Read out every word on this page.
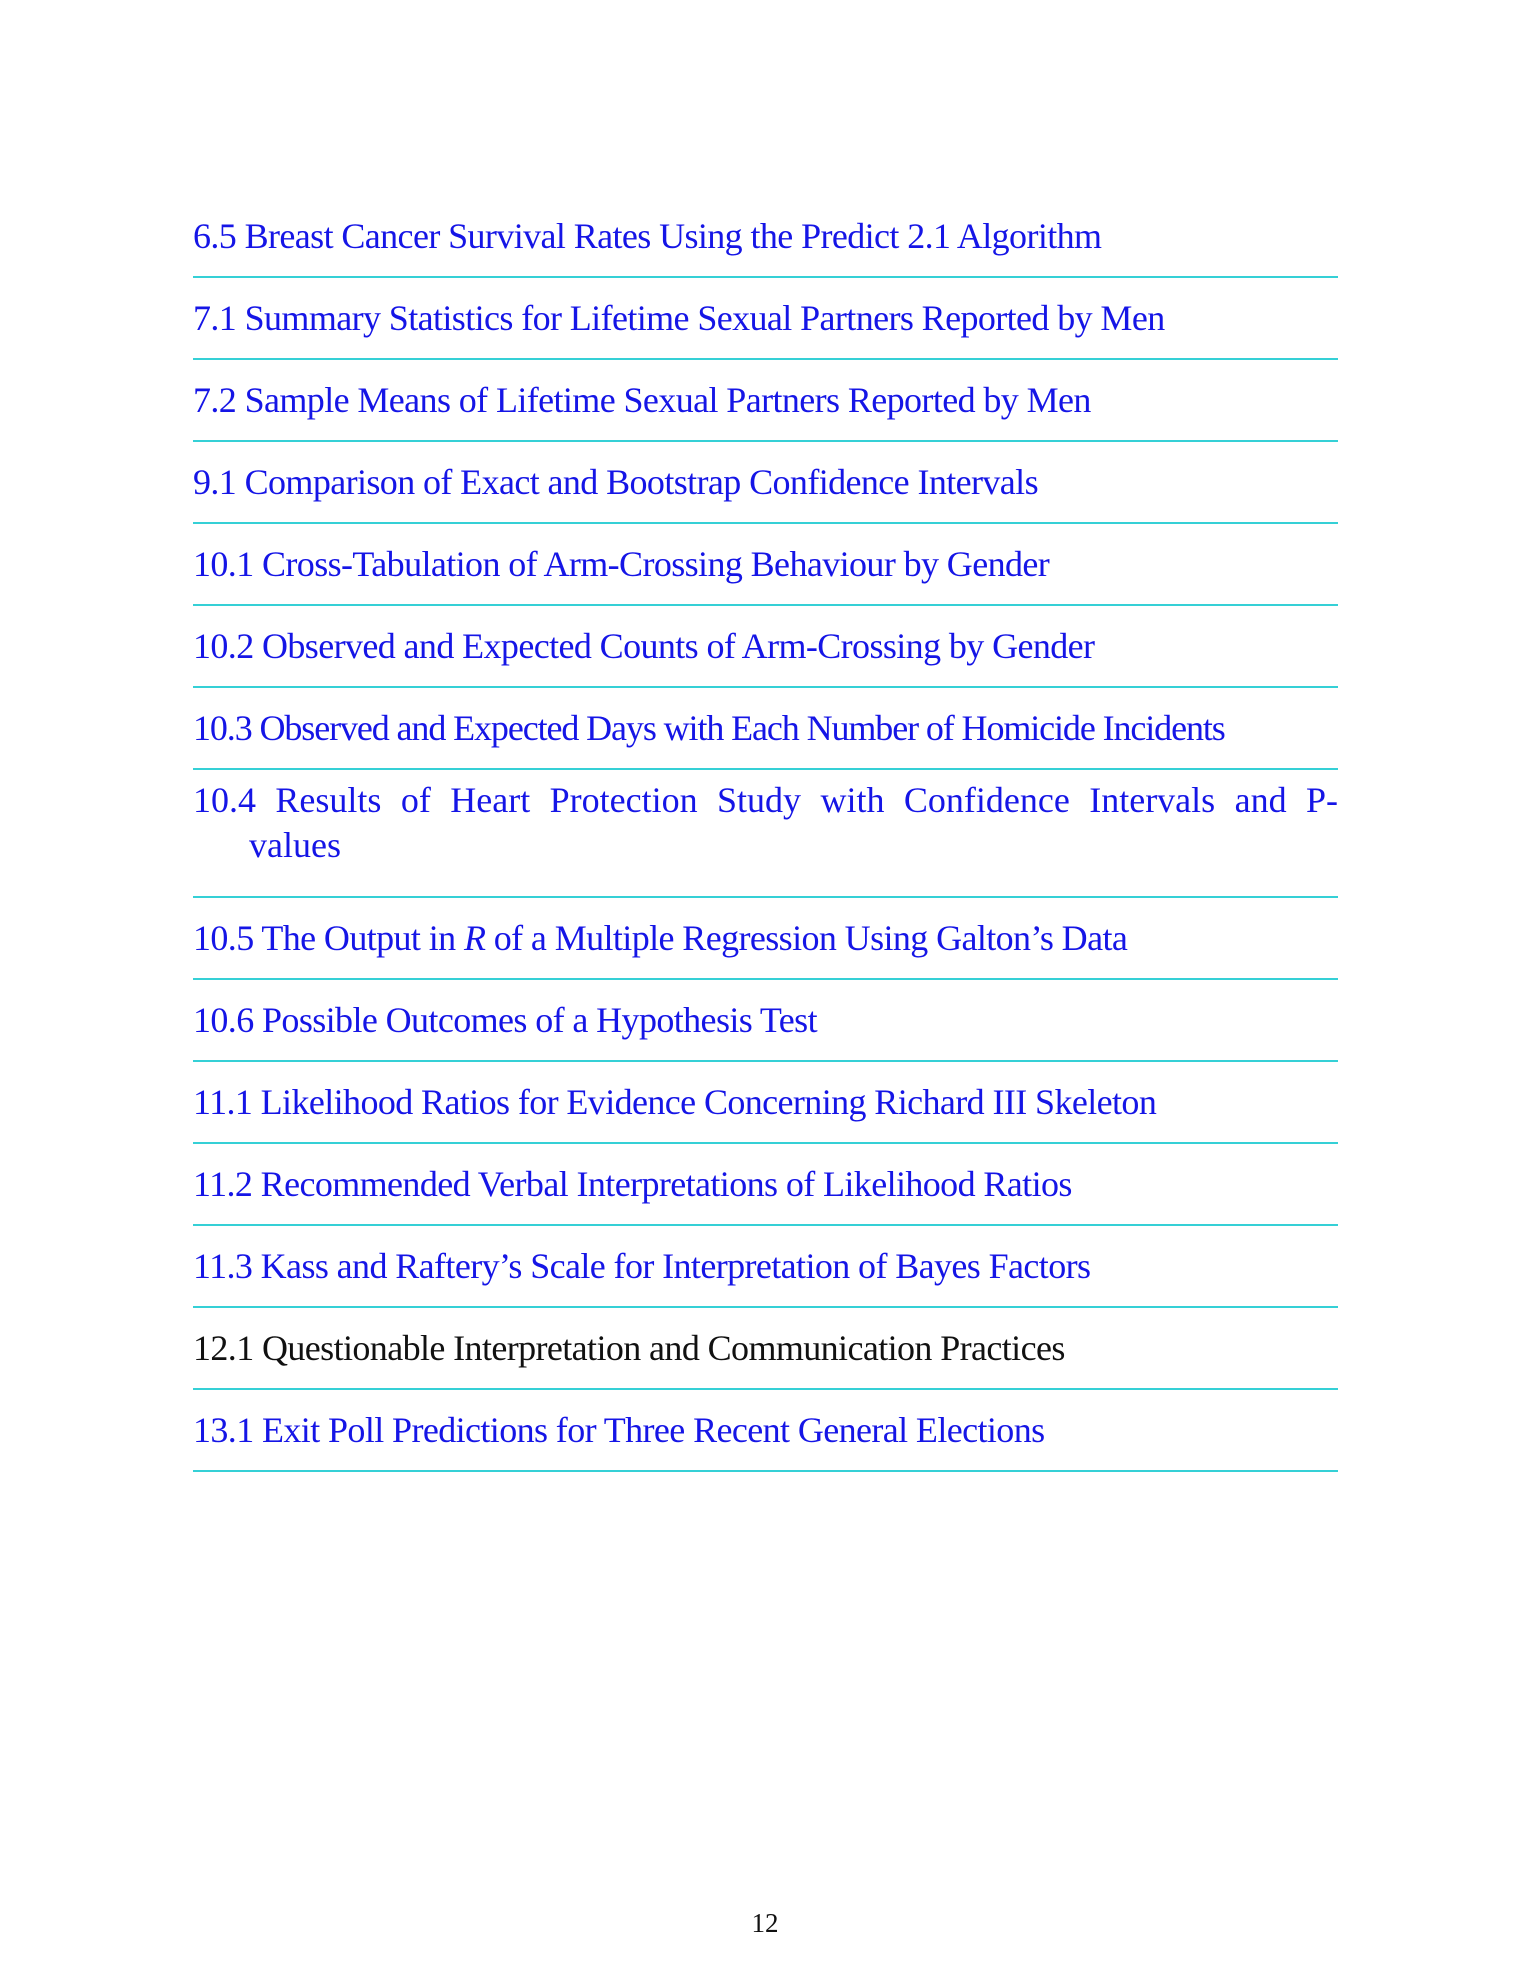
6.5 Breast Cancer Survival Rates Using the Predict 2.1 Algorithm
7.1 Summary Statistics for Lifetime Sexual Partners Reported by Men
7.2 Sample Means of Lifetime Sexual Partners Reported by Men
9.1 Comparison of Exact and Bootstrap Confidence Intervals
10.1 Cross-Tabulation of Arm-Crossing Behaviour by Gender
10.2 Observed and Expected Counts of Arm-Crossing by Gender
10.3 Observed and Expected Days with Each Number of Homicide Incidents
10.4 Results of Heart Protection Study with Confidence Intervals and P-values
10.5 The Output in R of a Multiple Regression Using Galton’s Data
10.6 Possible Outcomes of a Hypothesis Test
11.1 Likelihood Ratios for Evidence Concerning Richard III Skeleton
11.2 Recommended Verbal Interpretations of Likelihood Ratios
11.3 Kass and Raftery’s Scale for Interpretation of Bayes Factors
12.1 Questionable Interpretation and Communication Practices
13.1 Exit Poll Predictions for Three Recent General Elections
12
